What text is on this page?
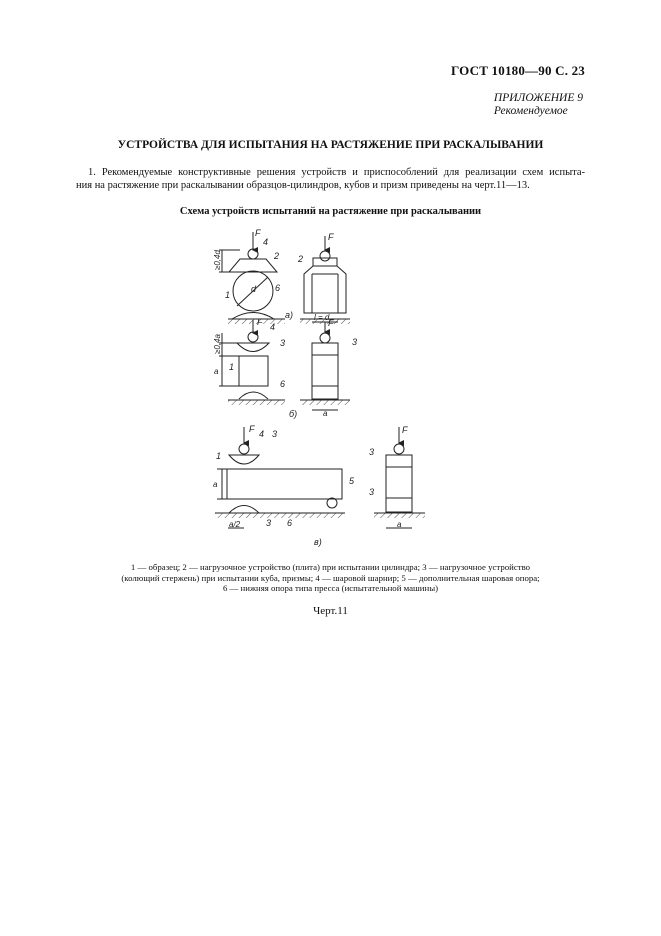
ГОСТ 10180—90 С. 23
ПРИЛОЖЕНИЕ 9
Рекомендуемое
УСТРОЙСТВА ДЛЯ ИСПЫТАНИЯ НА РАСТЯЖЕНИЕ ПРИ РАСКАЛЫВАНИИ
1. Рекомендуемые конструктивные решения устройств и приспособлений для реализации схем испыта-
ния на растяжение при раскалывании образцов-цилиндров, кубов и призм приведены на черт.11—13.
Схема устройств испытаний на растяжение при раскалывании
F
4
2
1
d 6
а)
≥0,4d
F
2
l = d
F 4
3
1
6
б)
≥0,4a
a
F
3
a
F 4 3
1
a	5
a/2	3 6
в)
F
3
3
a
1 — образец; 2 — нагрузочное устройство (плита) при испытании цилиндра; 3 — нагрузочное устройство
(колющий стержень) при испытании куба, призмы; 4 — шаровой шарнир; 5 — дополнительная шаровая опора;
6 — нижняя опора типа пресса (испытательной машины)
Черт.11
